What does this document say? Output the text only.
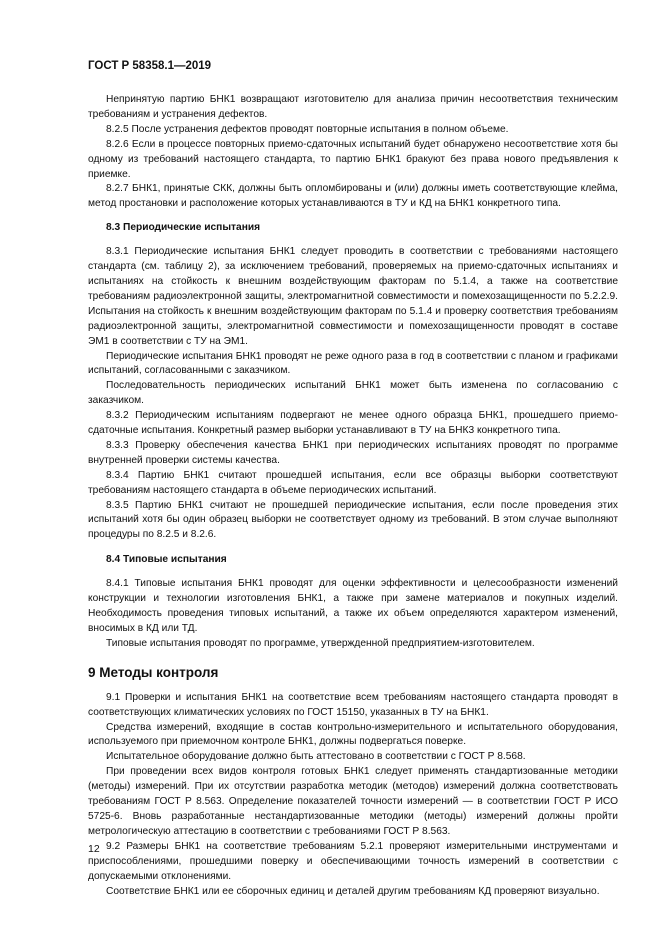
ГОСТ Р 58358.1—2019

Непринятую партию БНК1 возвращают изготовителю для анализа причин несоответствия техническим требованиям и устранения дефектов.

8.2.5 После устранения дефектов проводят повторные испытания в полном объеме.

8.2.6 Если в процессе повторных приемо-сдаточных испытаний будет обнаружено несоответствие хотя бы одному из требований настоящего стандарта, то партию БНК1 бракуют без права нового предъявления к приемке.

8.2.7 БНК1, принятые СКК, должны быть опломбированы и (или) должны иметь соответствующие клейма, метод простановки и расположение которых устанавливаются в ТУ и КД на БНК1 конкретного типа.

8.3 Периодические испытания

8.3.1 Периодические испытания БНК1 следует проводить в соответствии с требованиями настоящего стандарта (см. таблицу 2), за исключением требований, проверяемых на приемо-сдаточных испытаниях и испытаниях на стойкость к внешним воздействующим факторам по 5.1.4, а также на соответствие требованиям радиоэлектронной защиты, электромагнитной совместимости и помехозащищенности по 5.2.2.9. Испытания на стойкость к внешним воздействующим факторам по 5.1.4 и проверку соответствия требованиям радиоэлектронной защиты, электромагнитной совместимости и помехозащищенности проводят в составе ЭМ1 в соответствии с ТУ на ЭМ1.

Периодические испытания БНК1 проводят не реже одного раза в год в соответствии с планом и графиками испытаний, согласованными с заказчиком.

Последовательность периодических испытаний БНК1 может быть изменена по согласованию с заказчиком.

8.3.2 Периодическим испытаниям подвергают не менее одного образца БНК1, прошедшего приемо-сдаточные испытания. Конкретный размер выборки устанавливают в ТУ на БНК3 конкретного типа.

8.3.3 Проверку обеспечения качества БНК1 при периодических испытаниях проводят по программе внутренней проверки системы качества.

8.3.4 Партию БНК1 считают прошедшей испытания, если все образцы выборки соответствуют требованиям настоящего стандарта в объеме периодических испытаний.

8.3.5 Партию БНК1 считают не прошедшей периодические испытания, если после проведения этих испытаний хотя бы один образец выборки не соответствует одному из требований. В этом случае выполняют процедуры по 8.2.5 и 8.2.6.

8.4 Типовые испытания

8.4.1 Типовые испытания БНК1 проводят для оценки эффективности и целесообразности изменений конструкции и технологии изготовления БНК1, а также при замене материалов и покупных изделий. Необходимость проведения типовых испытаний, а также их объем определяются характером изменений, вносимых в КД или ТД.

Типовые испытания проводят по программе, утвержденной предприятием-изготовителем.

9 Методы контроля

9.1 Проверки и испытания БНК1 на соответствие всем требованиям настоящего стандарта проводят в соответствующих климатических условиях по ГОСТ 15150, указанных в ТУ на БНК1.

Средства измерений, входящие в состав контрольно-измерительного и испытательного оборудования, используемого при приемочном контроле БНК1, должны подвергаться поверке.

Испытательное оборудование должно быть аттестовано в соответствии с ГОСТ Р 8.568.

При проведении всех видов контроля готовых БНК1 следует применять стандартизованные методики (методы) измерений. При их отсутствии разработка методик (методов) измерений должна соответствовать требованиям ГОСТ Р 8.563. Определение показателей точности измерений — в соответствии ГОСТ Р ИСО 5725-6. Вновь разработанные нестандартизованные методики (методы) измерений должны пройти метрологическую аттестацию в соответствии с требованиями ГОСТ Р 8.563.

9.2 Размеры БНК1 на соответствие требованиям 5.2.1 проверяют измерительными инструментами и приспособлениями, прошедшими поверку и обеспечивающими точность измерений в соответствии с допускаемыми отклонениями.

Соответствие БНК1 или ее сборочных единиц и деталей другим требованиям КД проверяют визуально.

12
